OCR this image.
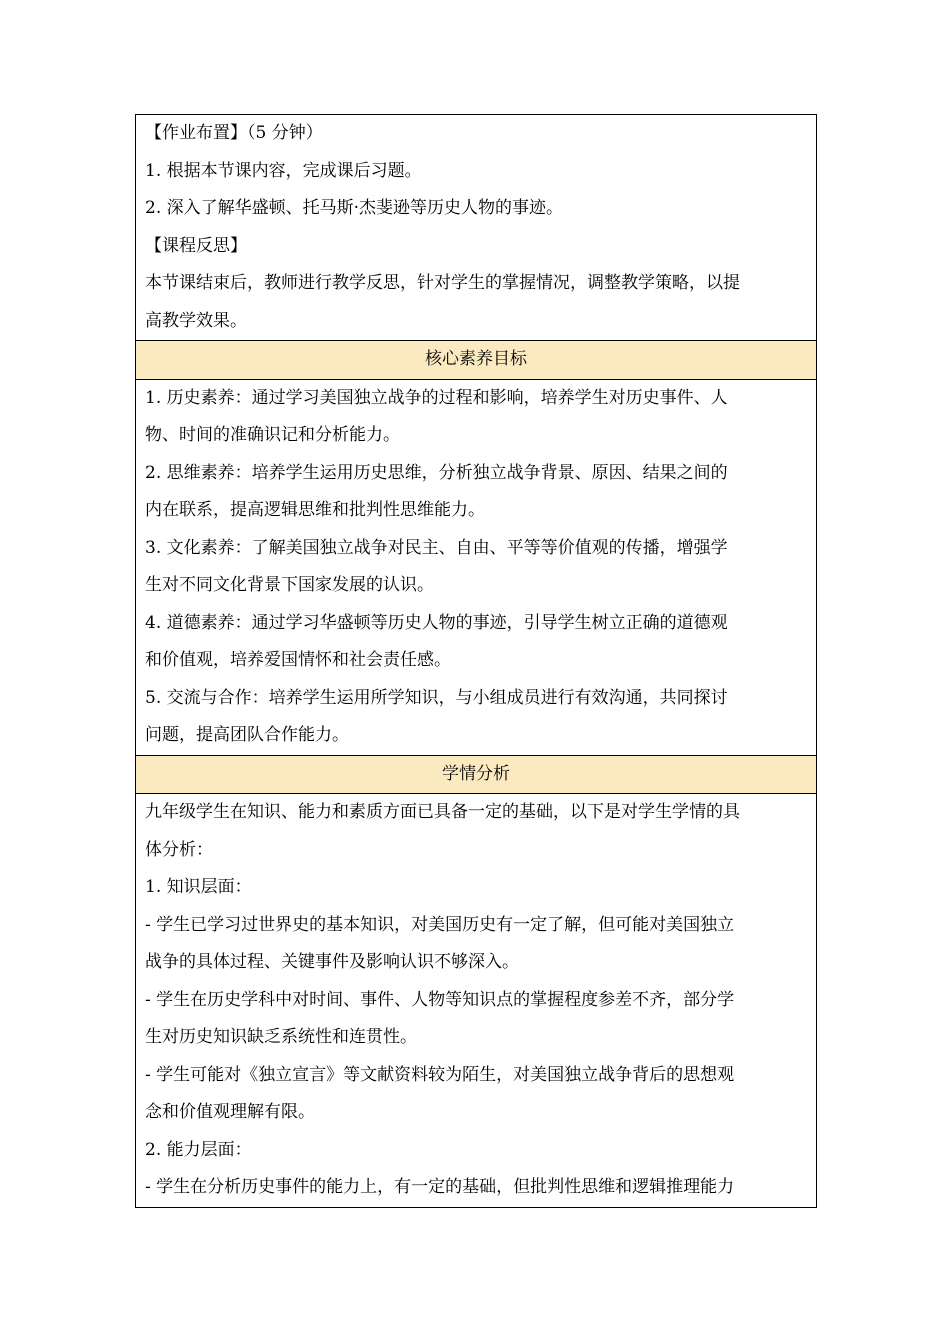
【作业布置】（5 分钟）
1. 根据本节课内容，完成课后习题。
2. 深入了解华盛顿、托马斯·杰斐逊等历史人物的事迹。
【课程反思】
本节课结束后，教师进行教学反思，针对学生的掌握情况，调整教学策略，以提
高教学效果。

核心素养目标

1. 历史素养：通过学习美国独立战争的过程和影响，培养学生对历史事件、人
物、时间的准确识记和分析能力。
2. 思维素养：培养学生运用历史思维，分析独立战争背景、原因、结果之间的
内在联系，提高逻辑思维和批判性思维能力。
3. 文化素养：了解美国独立战争对民主、自由、平等等价值观的传播，增强学
生对不同文化背景下国家发展的认识。
4. 道德素养：通过学习华盛顿等历史人物的事迹，引导学生树立正确的道德观
和价值观，培养爱国情怀和社会责任感。
5. 交流与合作：培养学生运用所学知识，与小组成员进行有效沟通，共同探讨
问题，提高团队合作能力。

学情分析

九年级学生在知识、能力和素质方面已具备一定的基础，以下是对学生学情的具
体分析：
1. 知识层面：
- 学生已学习过世界史的基本知识，对美国历史有一定了解，但可能对美国独立
战争的具体过程、关键事件及影响认识不够深入。
- 学生在历史学科中对时间、事件、人物等知识点的掌握程度参差不齐，部分学
生对历史知识缺乏系统性和连贯性。
- 学生可能对《独立宣言》等文献资料较为陌生，对美国独立战争背后的思想观
念和价值观理解有限。
2. 能力层面：
- 学生在分析历史事件的能力上，有一定的基础，但批判性思维和逻辑推理能力
